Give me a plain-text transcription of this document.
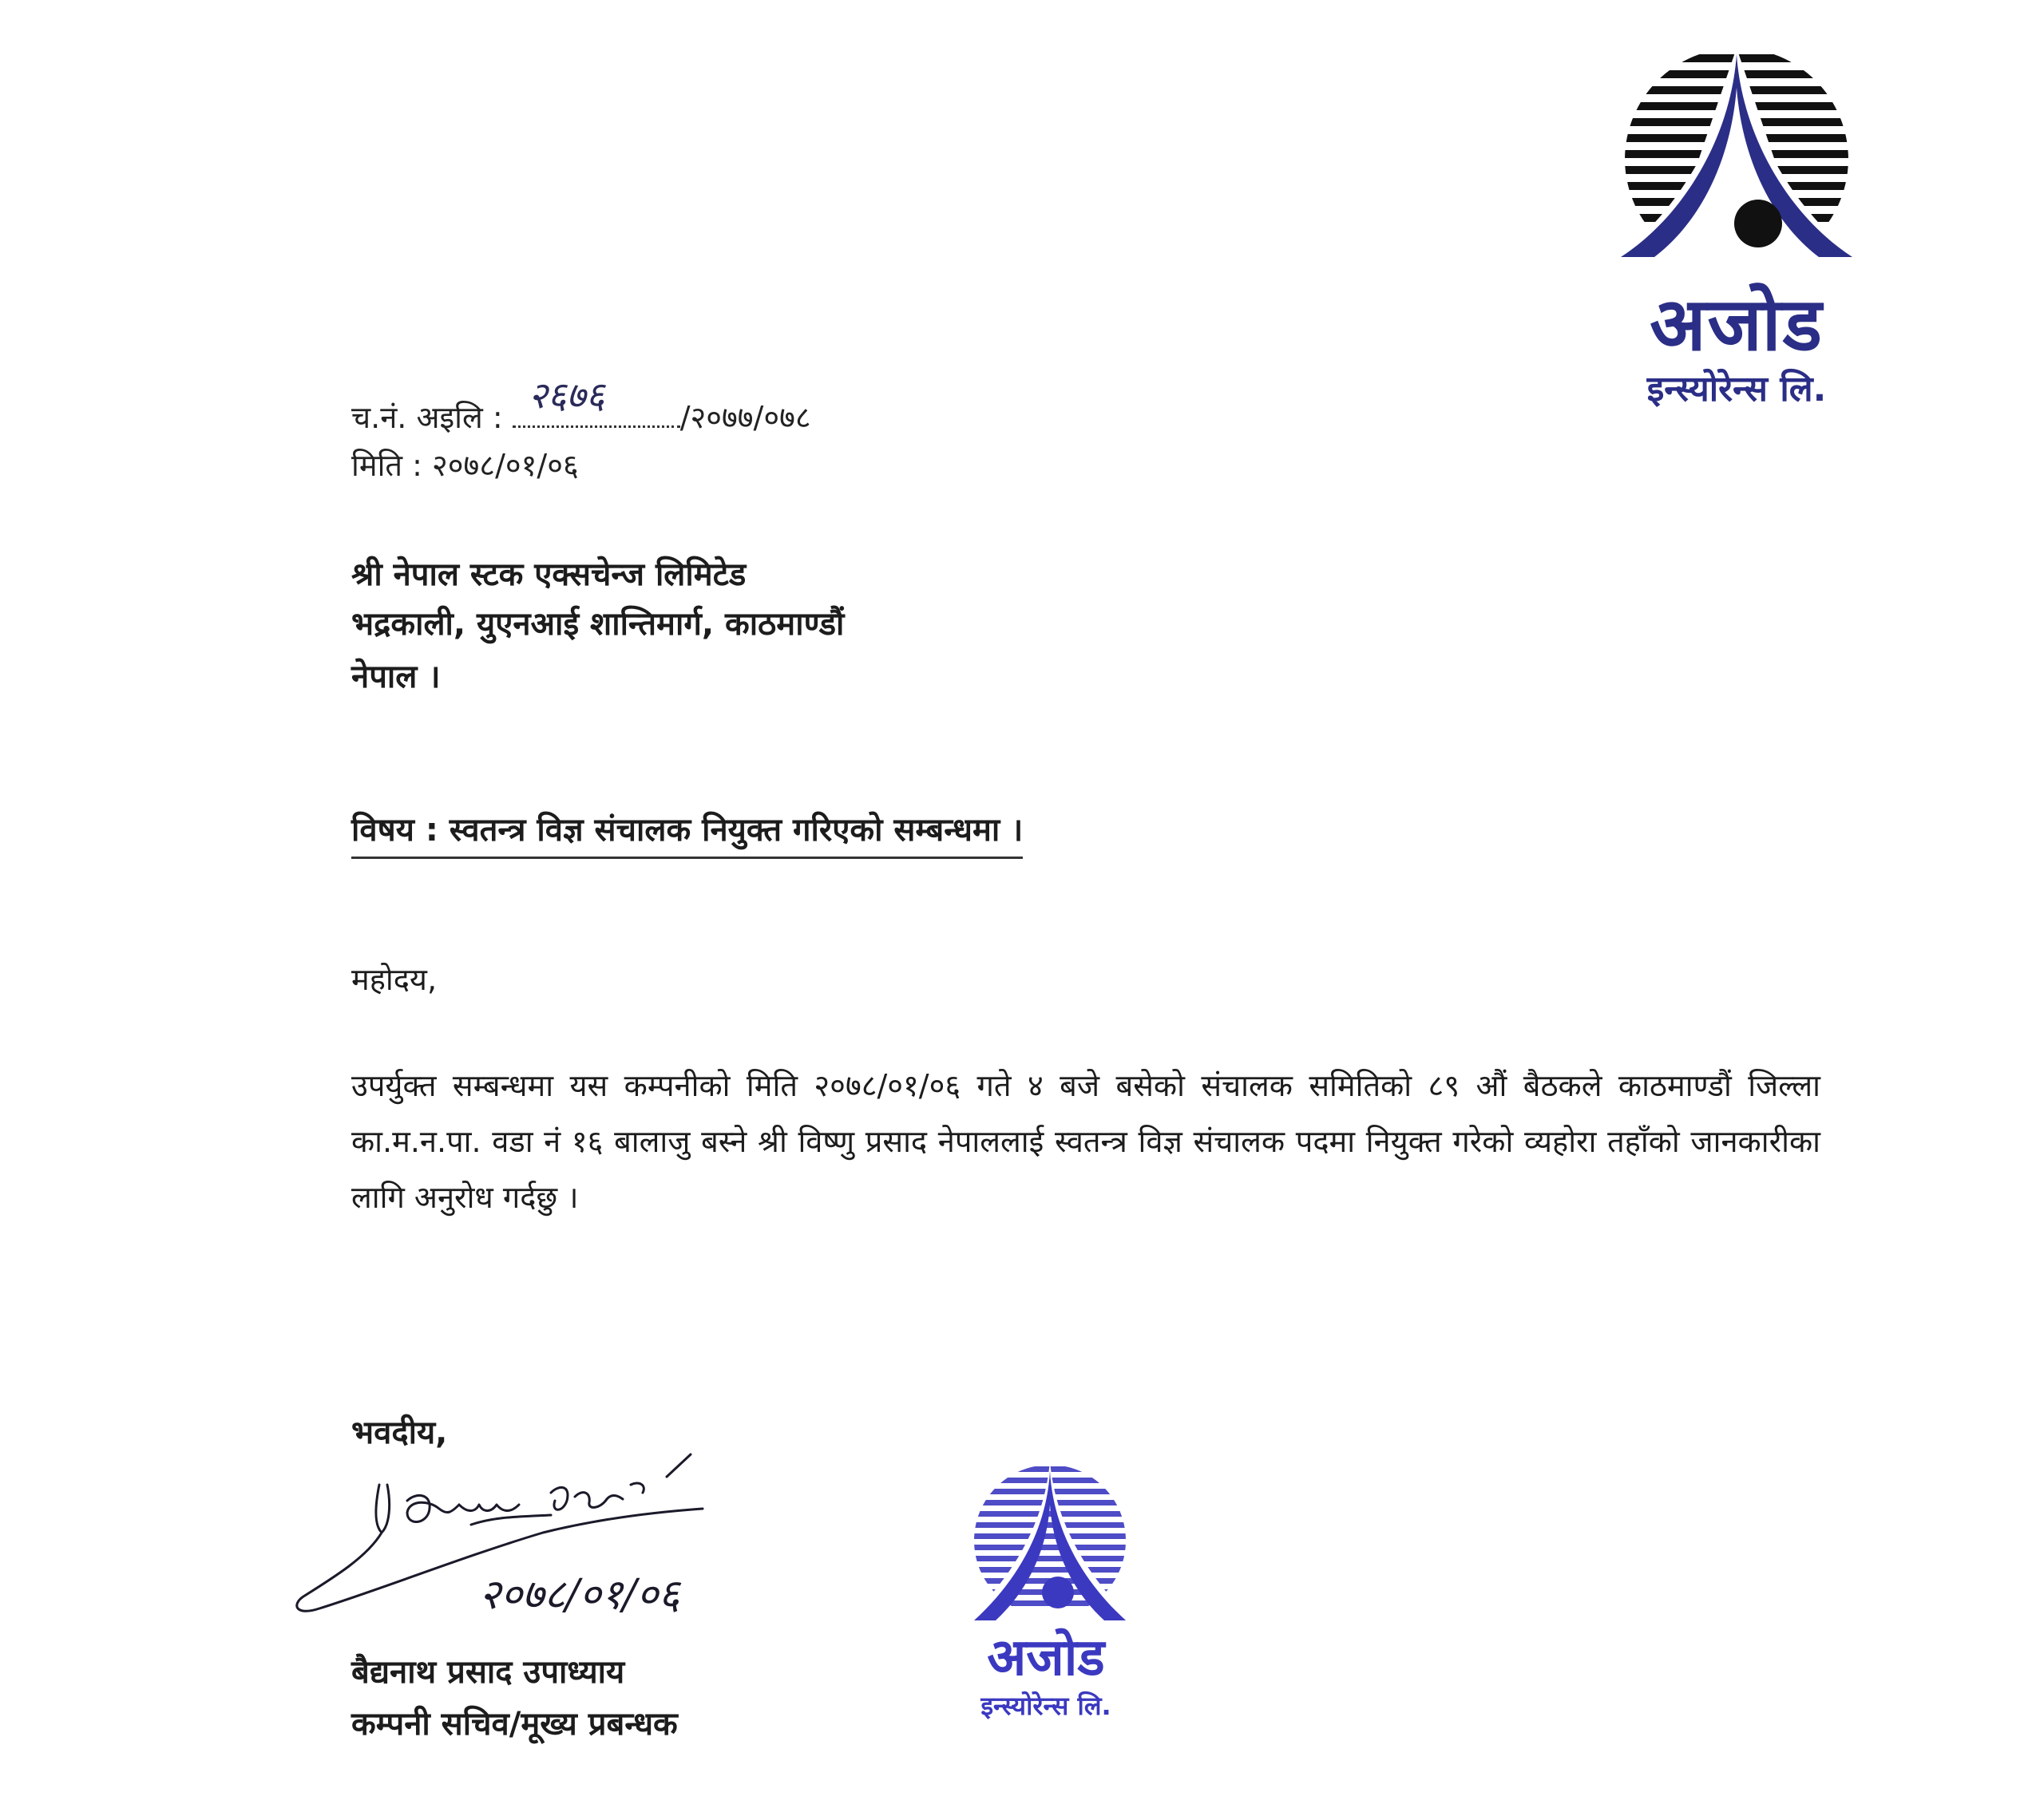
अजोड
इन्स्योरेन्स लि.
च.नं. अइलि :
२६७६
/२०७७/०७८
मिति : २०७८/०१/०६
श्री नेपाल स्टक एक्सचेन्ज लिमिटेड
भद्रकाली, युएनआई शान्तिमार्ग, काठमाण्डौं
नेपाल ।
विषय : स्वतन्त्र विज्ञ संचालक नियुक्त गरिएको सम्बन्धमा ।
महोदय,
उपर्युक्त सम्बन्धमा यस कम्पनीको मिति २०७८/०१/०६ गते ४ बजे बसेको संचालक समितिको ८९ औं बैठकले काठमाण्डौं जिल्ला का.म.न.पा. वडा नं १६ बालाजु बस्ने श्री विष्णु प्रसाद नेपाललाई स्वतन्त्र विज्ञ संचालक पदमा नियुक्त गरेको व्यहोरा तहाँको जानकारीका लागि अनुरोध गर्दछु ।
भवदीय,
२०७८/०१/०६
बैद्यनाथ प्रसाद उपाध्याय
कम्पनी सचिव/मूख्य प्रबन्धक
अजोड
इन्स्योरेन्स लि.
